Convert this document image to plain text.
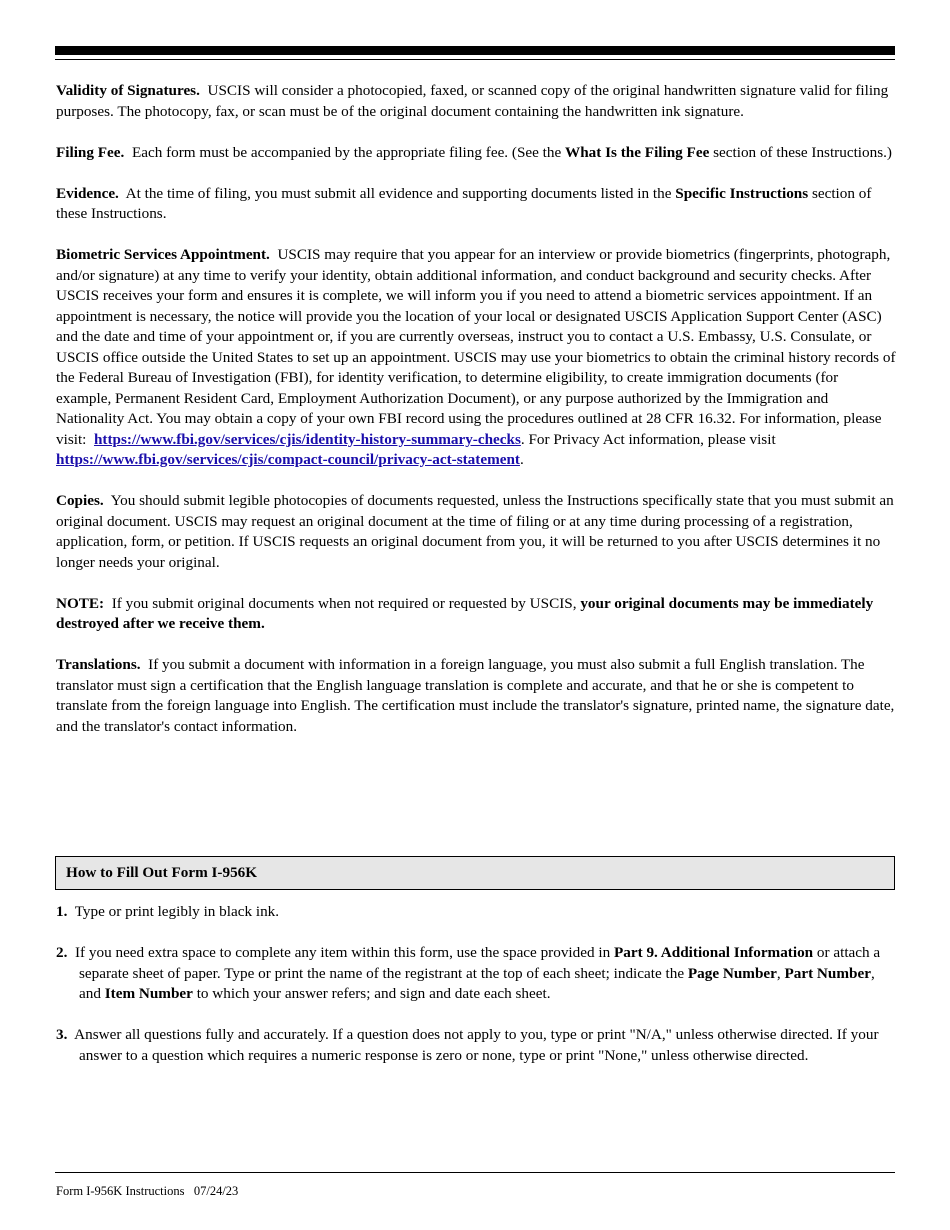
Validity of Signatures. USCIS will consider a photocopied, faxed, or scanned copy of the original handwritten signature valid for filing purposes. The photocopy, fax, or scan must be of the original document containing the handwritten ink signature.

Filing Fee. Each form must be accompanied by the appropriate filing fee. (See the What Is the Filing Fee section of these Instructions.)

Evidence. At the time of filing, you must submit all evidence and supporting documents listed in the Specific Instructions section of these Instructions.

Biometric Services Appointment. USCIS may require that you appear for an interview or provide biometrics (fingerprints, photograph, and/or signature) at any time to verify your identity, obtain additional information, and conduct background and security checks. After USCIS receives your form and ensures it is complete, we will inform you if you need to attend a biometric services appointment. If an appointment is necessary, the notice will provide you the location of your local or designated USCIS Application Support Center (ASC) and the date and time of your appointment or, if you are currently overseas, instruct you to contact a U.S. Embassy, U.S. Consulate, or USCIS office outside the United States to set up an appointment. USCIS may use your biometrics to obtain the criminal history records of the Federal Bureau of Investigation (FBI), for identity verification, to determine eligibility, to create immigration documents (for example, Permanent Resident Card, Employment Authorization Document), or any purpose authorized by the Immigration and Nationality Act. You may obtain a copy of your own FBI record using the procedures outlined at 28 CFR 16.32. For information, please visit: https://www.fbi.gov/services/cjis/identity-history-summary-checks. For Privacy Act information, please visit https://www.fbi.gov/services/cjis/compact-council/privacy-act-statement.

Copies. You should submit legible photocopies of documents requested, unless the Instructions specifically state that you must submit an original document. USCIS may request an original document at the time of filing or at any time during processing of a registration, application, form, or petition. If USCIS requests an original document from you, it will be returned to you after USCIS determines it no longer needs your original.

NOTE: If you submit original documents when not required or requested by USCIS, your original documents may be immediately destroyed after we receive them.

Translations. If you submit a document with information in a foreign language, you must also submit a full English translation. The translator must sign a certification that the English language translation is complete and accurate, and that he or she is competent to translate from the foreign language into English. The certification must include the translator's signature, printed name, the signature date, and the translator's contact information.

How to Fill Out Form I-956K

1. Type or print legibly in black ink.

2. If you need extra space to complete any item within this form, use the space provided in Part 9. Additional Information or attach a separate sheet of paper. Type or print the name of the registrant at the top of each sheet; indicate the Page Number, Part Number, and Item Number to which your answer refers; and sign and date each sheet.

3. Answer all questions fully and accurately. If a question does not apply to you, type or print "N/A," unless otherwise directed. If your answer to a question which requires a numeric response is zero or none, type or print "None," unless otherwise directed.

Form I-956K Instructions 07/24/23
